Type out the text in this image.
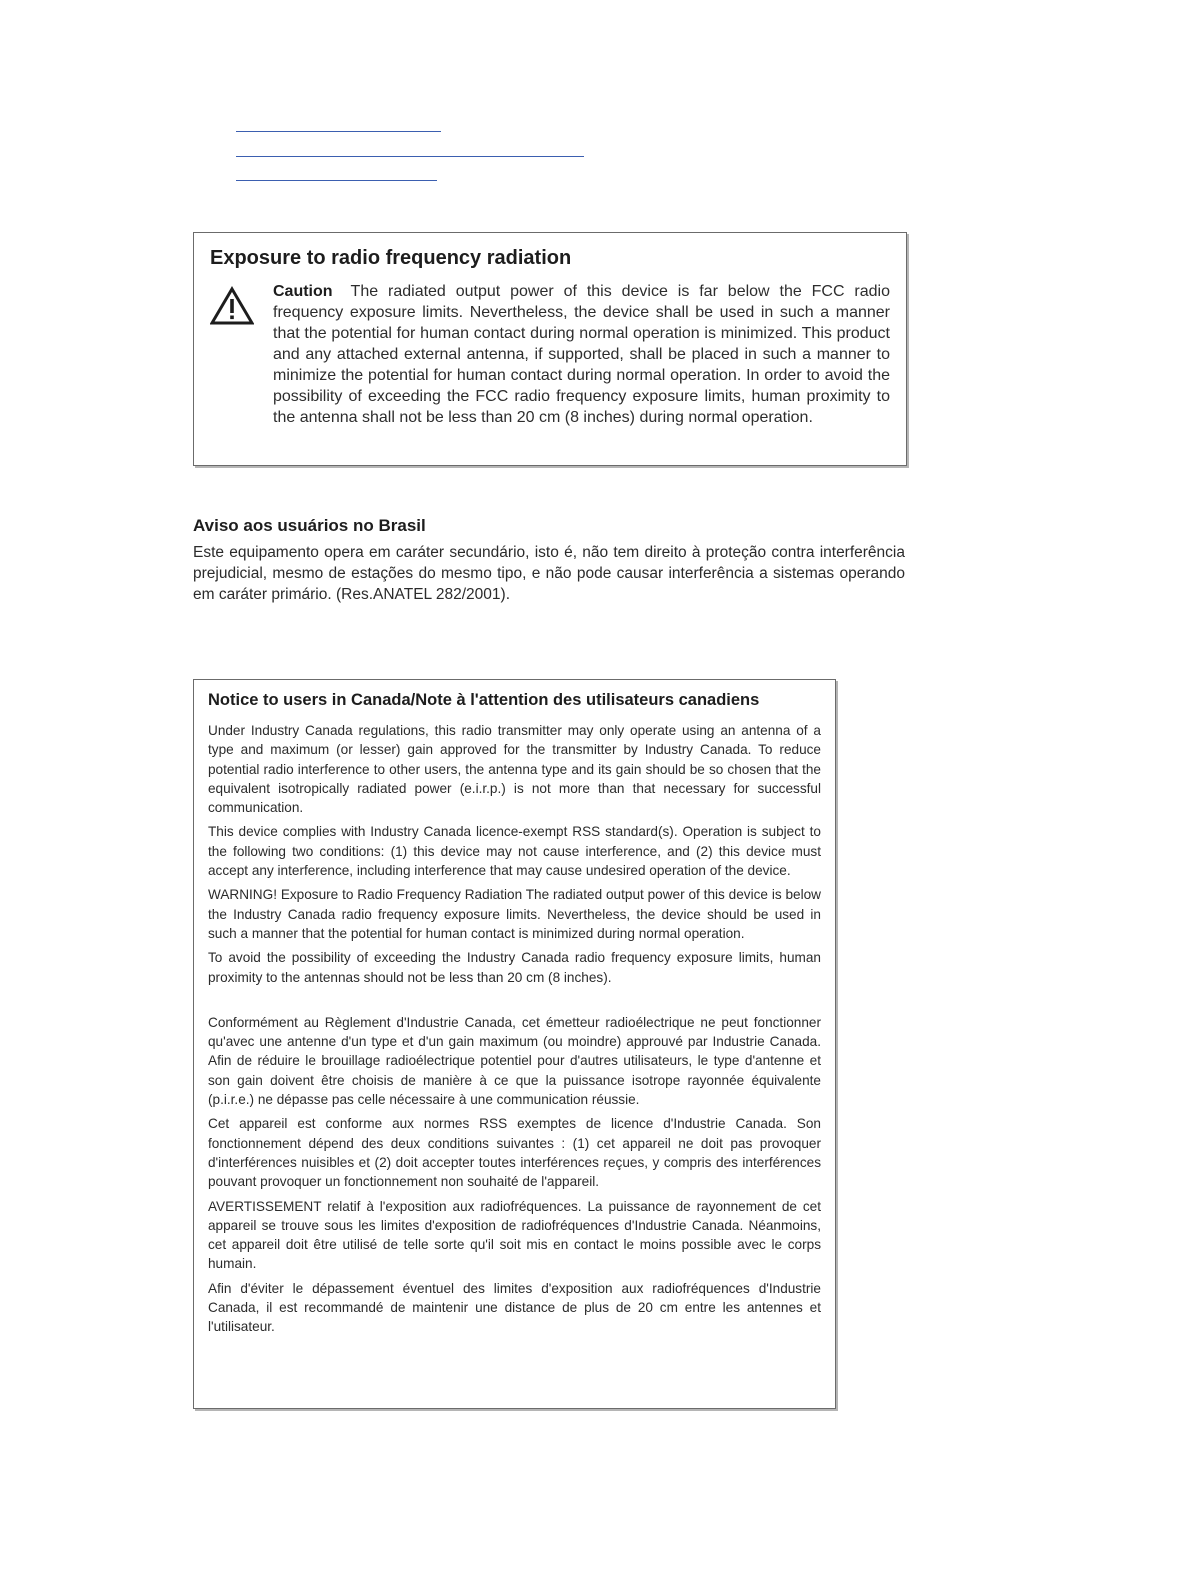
Exposure to radio frequency radiation

Caution The radiated output power of this device is far below the FCC radio frequency exposure limits. Nevertheless, the device shall be used in such a manner that the potential for human contact during normal operation is minimized. This product and any attached external antenna, if supported, shall be placed in such a manner to minimize the potential for human contact during normal operation. In order to avoid the possibility of exceeding the FCC radio frequency exposure limits, human proximity to the antenna shall not be less than 20 cm (8 inches) during normal operation.

Aviso aos usuários no Brasil

Este equipamento opera em caráter secundário, isto é, não tem direito à proteção contra interferência prejudicial, mesmo de estações do mesmo tipo, e não pode causar interferência a sistemas operando em caráter primário. (Res.ANATEL 282/2001).

Notice to users in Canada/Note à l'attention des utilisateurs canadiens

Under Industry Canada regulations, this radio transmitter may only operate using an antenna of a type and maximum (or lesser) gain approved for the transmitter by Industry Canada. To reduce potential radio interference to other users, the antenna type and its gain should be so chosen that the equivalent isotropically radiated power (e.i.r.p.) is not more than that necessary for successful communication.

This device complies with Industry Canada licence-exempt RSS standard(s). Operation is subject to the following two conditions: (1) this device may not cause interference, and (2) this device must accept any interference, including interference that may cause undesired operation of the device.

WARNING! Exposure to Radio Frequency Radiation The radiated output power of this device is below the Industry Canada radio frequency exposure limits. Nevertheless, the device should be used in such a manner that the potential for human contact is minimized during normal operation.

To avoid the possibility of exceeding the Industry Canada radio frequency exposure limits, human proximity to the antennas should not be less than 20 cm (8 inches).

Conformément au Règlement d'Industrie Canada, cet émetteur radioélectrique ne peut fonctionner qu'avec une antenne d'un type et d'un gain maximum (ou moindre) approuvé par Industrie Canada. Afin de réduire le brouillage radioélectrique potentiel pour d'autres utilisateurs, le type d'antenne et son gain doivent être choisis de manière à ce que la puissance isotrope rayonnée équivalente (p.i.r.e.) ne dépasse pas celle nécessaire à une communication réussie.

Cet appareil est conforme aux normes RSS exemptes de licence d'Industrie Canada. Son fonctionnement dépend des deux conditions suivantes : (1) cet appareil ne doit pas provoquer d'interférences nuisibles et (2) doit accepter toutes interférences reçues, y compris des interférences pouvant provoquer un fonctionnement non souhaité de l'appareil.

AVERTISSEMENT relatif à l'exposition aux radiofréquences. La puissance de rayonnement de cet appareil se trouve sous les limites d'exposition de radiofréquences d'Industrie Canada. Néanmoins, cet appareil doit être utilisé de telle sorte qu'il soit mis en contact le moins possible avec le corps humain.

Afin d'éviter le dépassement éventuel des limites d'exposition aux radiofréquences d'Industrie Canada, il est recommandé de maintenir une distance de plus de 20 cm entre les antennes et l'utilisateur.
